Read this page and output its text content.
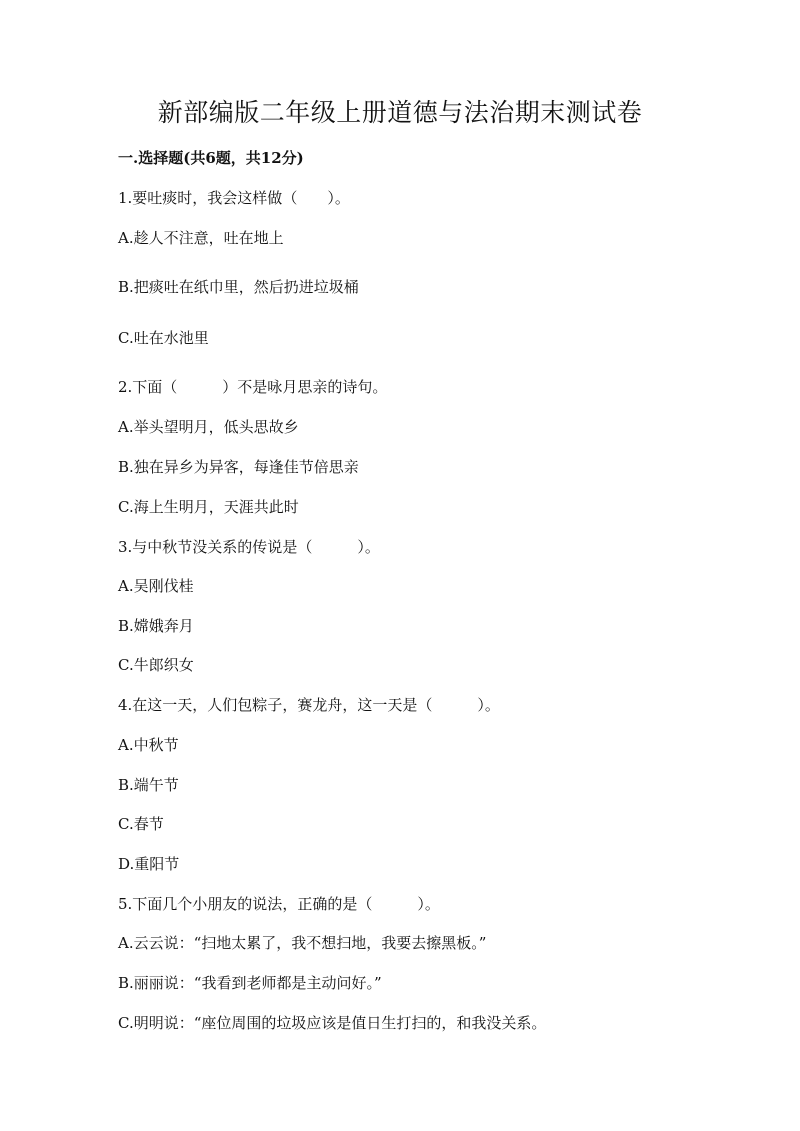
新部编版二年级上册道德与法治期末测试卷
一.选择题(共6题，共12分)

1.要吐痰时，我会这样做（　　）。

A.趁人不注意，吐在地上

B.把痰吐在纸巾里，然后扔进垃圾桶

C.吐在水池里

2.下面（　　　）不是咏月思亲的诗句。

A.举头望明月，低头思故乡

B.独在异乡为异客，每逢佳节倍思亲

C.海上生明月，天涯共此时

3.与中秋节没关系的传说是（　　　）。

A.吴刚伐桂

B.嫦娥奔月

C.牛郎织女

4.在这一天，人们包粽子，赛龙舟，这一天是（　　　）。

A.中秋节

B.端午节

C.春节

D.重阳节

5.下面几个小朋友的说法，正确的是（　　　）。

A.云云说：“扫地太累了，我不想扫地，我要去擦黑板。”

B.丽丽说：“我看到老师都是主动问好。”

C.明明说：“座位周围的垃圾应该是值日生打扫的，和我没关系。
